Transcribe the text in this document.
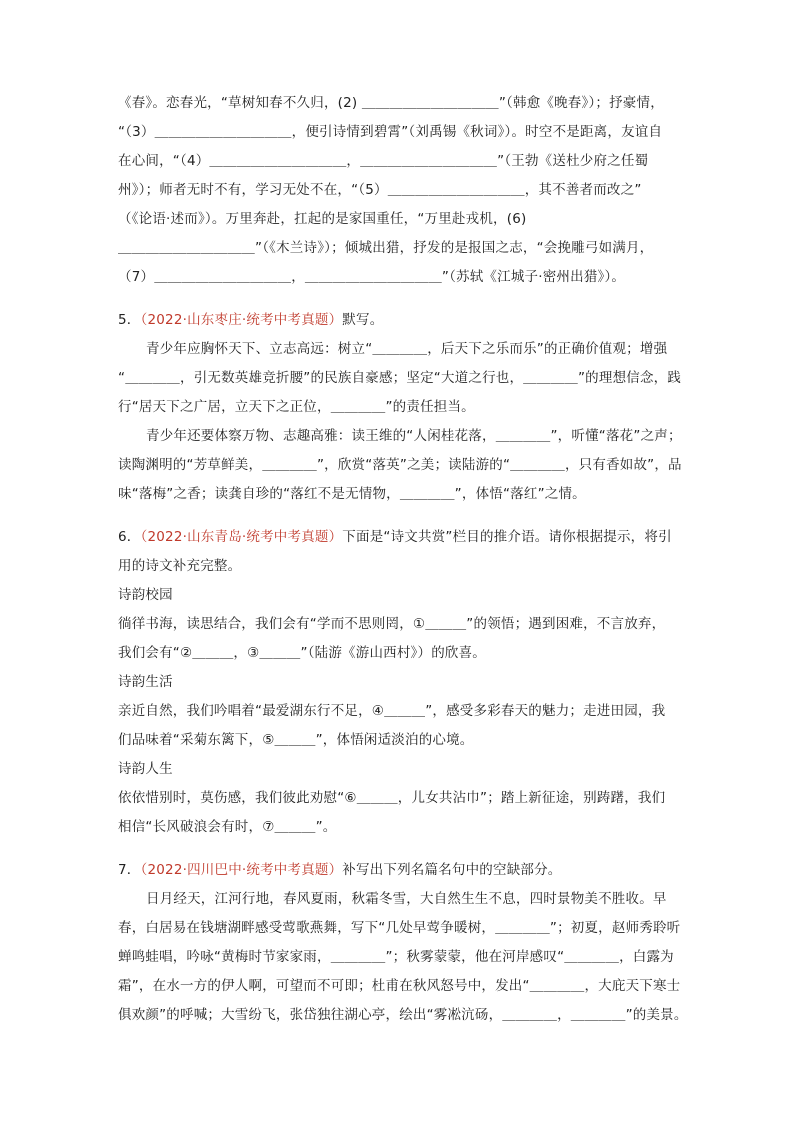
《春》。恋春光，“草树知春不久归，(2) ＿＿＿＿＿＿＿＿＿＿”（韩愈《晚春》）；抒豪情，
“（3）＿＿＿＿＿＿＿＿＿＿，便引诗情到碧霄”（刘禹锡《秋词》）。时空不是距离，友谊自
在心间，“（4）＿＿＿＿＿＿＿＿＿＿，＿＿＿＿＿＿＿＿＿＿”（王勃《送杜少府之任蜀
州》）；师者无时不有，学习无处不在，“（5）＿＿＿＿＿＿＿＿＿＿，其不善者而改之”
（《论语·述而》）。万里奔赴，扛起的是家国重任，“万里赴戎机，(6)
＿＿＿＿＿＿＿＿＿＿”（《木兰诗》）；倾城出猎，抒发的是报国之志，“会挽雕弓如满月，
（7）＿＿＿＿＿＿＿＿＿＿，＿＿＿＿＿＿＿＿＿＿”（苏轼《江城子·密州出猎》）。
5．（2022·山东枣庄·统考中考真题）默写。
青少年应胸怀天下、立志高远：树立“＿＿＿＿，后天下之乐而乐”的正确价值观；增强
“＿＿＿＿，引无数英雄竞折腰”的民族自豪感；坚定“大道之行也，＿＿＿＿”的理想信念，践
行“居天下之广居，立天下之正位，＿＿＿＿”的责任担当。
青少年还要体察万物、志趣高雅：读王维的“人闲桂花落，＿＿＿＿”，听懂“落花”之声；
读陶渊明的“芳草鲜美，＿＿＿＿”，欣赏“落英”之美；读陆游的“＿＿＿＿，只有香如故”，品
味“落梅”之香；读龚自珍的“落红不是无情物，＿＿＿＿”，体悟“落红”之情。
6．（2022·山东青岛·统考中考真题）下面是“诗文共赏”栏目的推介语。请你根据提示，将引
用的诗文补充完整。
诗韵校园
徜徉书海，读思结合，我们会有“学而不思则罔，①＿＿＿”的领悟；遇到困难，不言放弃，
我们会有“②＿＿＿，③＿＿＿”（陆游《游山西村》）的欣喜。
诗韵生活
亲近自然，我们吟唱着“最爱湖东行不足，④＿＿＿”，感受多彩春天的魅力；走进田园，我
们品味着“采菊东篱下，⑤＿＿＿”，体悟闲适淡泊的心境。
诗韵人生
依依惜别时，莫伤感，我们彼此劝慰“⑥＿＿＿，儿女共沾巾”；踏上新征途，别踌躇，我们
相信“长风破浪会有时，⑦＿＿＿”。
7．（2022·四川巴中·统考中考真题）补写出下列名篇名句中的空缺部分。
日月经天，江河行地，春风夏雨，秋霜冬雪，大自然生生不息，四时景物美不胜收。早
春，白居易在钱塘湖畔感受莺歌燕舞，写下“几处早莺争暖树，＿＿＿＿”；初夏，赵师秀聆听
蝉鸣蛙唱，吟咏“黄梅时节家家雨，＿＿＿＿”；秋雾蒙蒙，他在河岸感叹“＿＿＿＿，白露为
霜”，在水一方的伊人啊，可望而不可即；杜甫在秋风怒号中，发出“＿＿＿＿，大庇天下寒士
俱欢颜”的呼喊；大雪纷飞，张岱独往湖心亭，绘出“雾凇沆砀，＿＿＿＿，＿＿＿＿”的美景。
